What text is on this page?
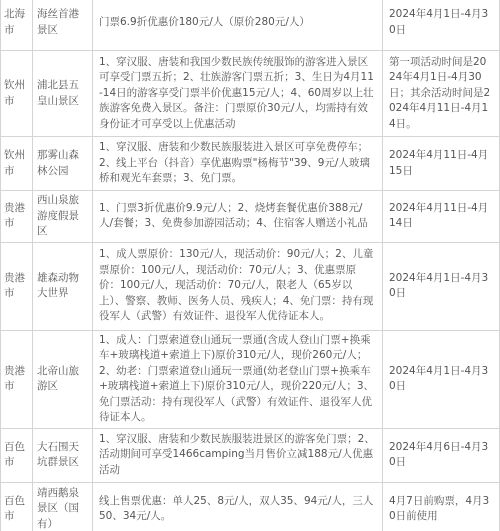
北海市	海丝首港景区	门票6.9折优惠价180元/人（原价280元/人）	2024年4月1日-4月30日
钦州市	浦北县五皇山景区	1、穿汉服、唐装和我国少数民族传统服饰的游客进入景区可享受门票五折；2、壮族游客门票五折；3、生日为4月11-14日的游客享受门票半价优惠15元/人；4、60周岁以上壮族游客免费入景区。备注：门票原价30元/人，均需持有效身份证才可享受以上优惠活动	第一项活动时间是2024年4月1日-4月30日；其余活动时间是2024年4月11日-4月14日。
钦州市	那雾山森林公园	1、穿汉服、唐装和少数民族服装进入景区可享免费停车；2、线上平台（抖音）享优惠购票"杨梅节"39、9元/人玻璃桥和观光车套票；3、免门票。	2024年4月11日-4月15日
贵港市	西山泉旅游度假景区	1、门票3折优惠价9.9元/人；2、烧烤套餐优惠价388元/人/套餐；3、免费参加游园活动；4、住宿客人赠送小礼品	2024年4月11日-4月14日
贵港市	雄森动物大世界	1、成人票原价：130元/人，现活动价：90元/人；2、儿童票原价：100元/人，现活动价：70元/人；3、优惠票原价：100元/人，现活动价：70元/人，限老人（65岁以上）、警察、教师、医务人员、残疾人；4、免门票：持有现役军人（武警）有效证件、退役军人优待证本人。	2024年4月1日-4月30日
贵港市	北帝山旅游区	1、成人：门票索道登山通玩一票通(含成人登山门票+换乘车+玻璃栈道+索道上下)原价310元/人，现价260元/人；2、幼老：门票索道登山通玩一票通(幼老登山门票+换乘车+玻璃栈道+索道上下)原价310元/人，现价220元/人；3、免门票活动：持有现役军人（武警）有效证件、退役军人优待证本人。	2024年4月1日-4月30日
百色市	大石围天坑群景区	1、穿汉服、唐装和少数民族服装进景区的游客免门票；2、活动期间可享受1466camping当月售价立减188元/人优惠活动	2024年4月6日-4月30日
百色市	靖西鹅泉景区（国有）	线上售票优惠：单人25、8元/人，双人35、94元/人，三人50、34元/人。	4月7日前购票，4月30日前使用
